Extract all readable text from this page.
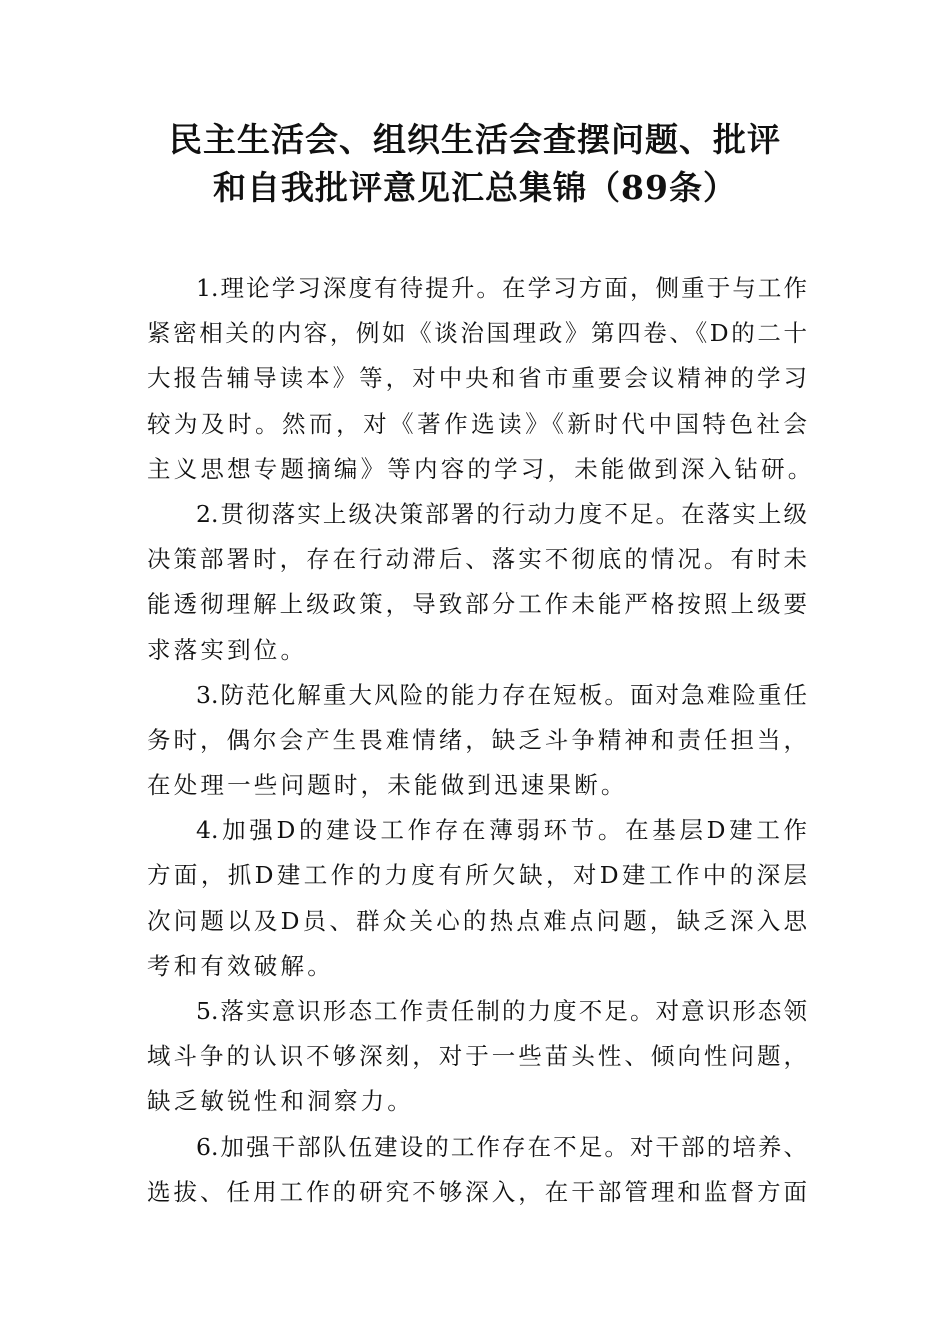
民主生活会、组织生活会查摆问题、批评
和自我批评意见汇总集锦（89条）
1.理论学习深度有待提升。在学习方面，侧重于与工作
紧密相关的内容，例如《谈治国理政》第四卷、《D的二十
大报告辅导读本》等，对中央和省市重要会议精神的学习
较为及时。然而，对《著作选读》《新时代中国特色社会
主义思想专题摘编》等内容的学习，未能做到深入钻研。
2.贯彻落实上级决策部署的行动力度不足。在落实上级
决策部署时，存在行动滞后、落实不彻底的情况。有时未
能透彻理解上级政策，导致部分工作未能严格按照上级要
求落实到位。
3.防范化解重大风险的能力存在短板。面对急难险重任
务时，偶尔会产生畏难情绪，缺乏斗争精神和责任担当，
在处理一些问题时，未能做到迅速果断。
4.加强D的建设工作存在薄弱环节。在基层D建工作
方面，抓D建工作的力度有所欠缺，对D建工作中的深层
次问题以及D员、群众关心的热点难点问题，缺乏深入思
考和有效破解。
5.落实意识形态工作责任制的力度不足。对意识形态领
域斗争的认识不够深刻，对于一些苗头性、倾向性问题，
缺乏敏锐性和洞察力。
6.加强干部队伍建设的工作存在不足。对干部的培养、
选拔、任用工作的研究不够深入，在干部管理和监督方面
